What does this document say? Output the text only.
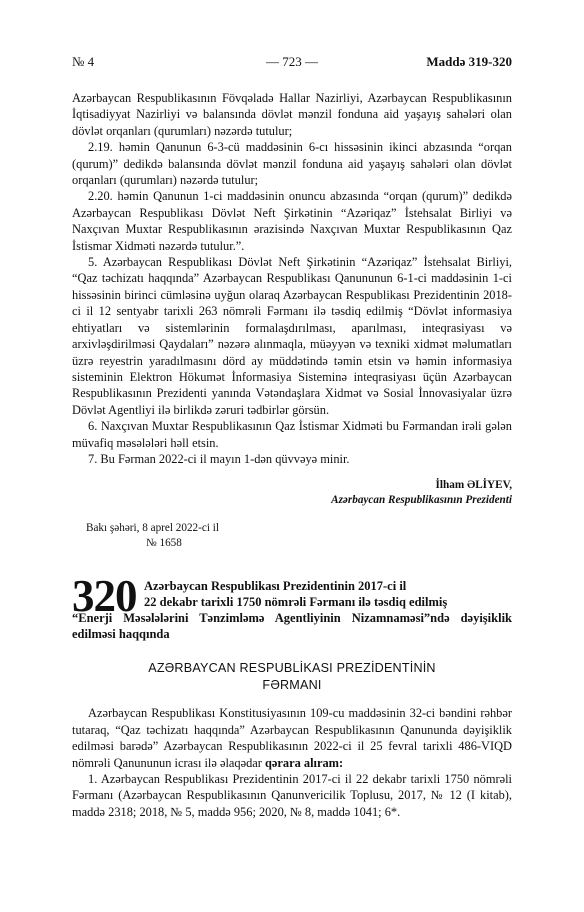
№ 4	— 723 —	Maddə 319-320

Azərbaycan Respublikasının Fövqəladə Hallar Nazirliyi, Azərbaycan Respublikasının İqtisadiyyat Nazirliyi və balansında dövlət mənzil fonduna aid yaşayış sahələri olan dövlət orqanları (qurumları) nəzərdə tutulur;

2.19. həmin Qanunun 6-3-cü maddəsinin 6-cı hissəsinin ikinci abzasında “orqan (qurum)” dedikdə balansında dövlət mənzil fonduna aid yaşayış sahələri olan dövlət orqanları (qurumları) nəzərdə tutulur;

2.20. həmin Qanunun 1-ci maddəsinin onuncu abzasında “orqan (qurum)” dedikdə Azərbaycan Respublikası Dövlət Neft Şirkətinin “Azəriqaz” İstehsalat Birliyi və Naxçıvan Muxtar Respublikasının ərazisində Naxçıvan Muxtar Respublikasının Qaz İstismar Xidməti nəzərdə tutulur.”.

5. Azərbaycan Respublikası Dövlət Neft Şirkətinin “Azəriqaz” İstehsalat Birliyi, “Qaz təchizatı haqqında” Azərbaycan Respublikası Qanununun 6-1-ci maddəsinin 1-ci hissəsinin birinci cümləsinə uyğun olaraq Azərbaycan Respublikası Prezidentinin 2018-ci il 12 sentyabr tarixli 263 nömrəli Fərmanı ilə təsdiq edilmiş “Dövlət informasiya ehtiyatları və sistemlərinin formalaşdırılması, aparılması, inteqrasiyası və arxivləşdirilməsi Qaydaları” nəzərə alınmaqla, müəyyən və texniki xidmət məlumatları üzrə reyestrin yaradılmasını dörd ay müddətində təmin etsin və həmin informasiya sisteminin Elektron Hökumət İnformasiya Sisteminə inteqrasiyası üçün Azərbaycan Respublikasının Prezidenti yanında Vətəndaşlara Xidmət və Sosial İnnovasiyalar üzrə Dövlət Agentliyi ilə birlikdə zəruri tədbirlər görsün.

6. Naxçıvan Muxtar Respublikasının Qaz İstismar Xidməti bu Fərmandan irəli gələn müvafiq məsələləri həll etsin.

7. Bu Fərman 2022-ci il mayın 1-dən qüvvəyə minir.

İlham ƏLİYEV,
Azərbaycan Respublikasının Prezidenti
Bakı şəhəri, 8 aprel 2022-ci il
№ 1658
320 Azərbaycan Respublikası Prezidentinin 2017-ci il
22 dekabr tarixli 1750 nömrəli Fərmanı ilə təsdiq edilmiş
“Enerji Məsələlərini Tənzimləmə Agentliyinin Nizamnaməsi”ndə dəyişiklik edilməsi haqqında

AZƏRBAYCAN RESPUBLİKASI PREZİDENTİNİN
FƏRMANI

Azərbaycan Respublikası Konstitusiyasının 109-cu maddəsinin 32-ci bəndini rəhbər tutaraq, “Qaz təchizatı haqqında” Azərbaycan Respublikasının Qanununda dəyişiklik edilməsi barədə” Azərbaycan Respublikasının 2022-ci il 25 fevral tarixli 486-VIQD nömrəli Qanununun icrası ilə əlaqədar qərara alıram:

1. Azərbaycan Respublikası Prezidentinin 2017-ci il 22 dekabr tarixli 1750 nömrəli Fərmanı (Azərbaycan Respublikasının Qanunvericilik Toplusu, 2017, № 12 (I kitab), maddə 2318; 2018, № 5, maddə 956; 2020, № 8, maddə 1041; 6*.
